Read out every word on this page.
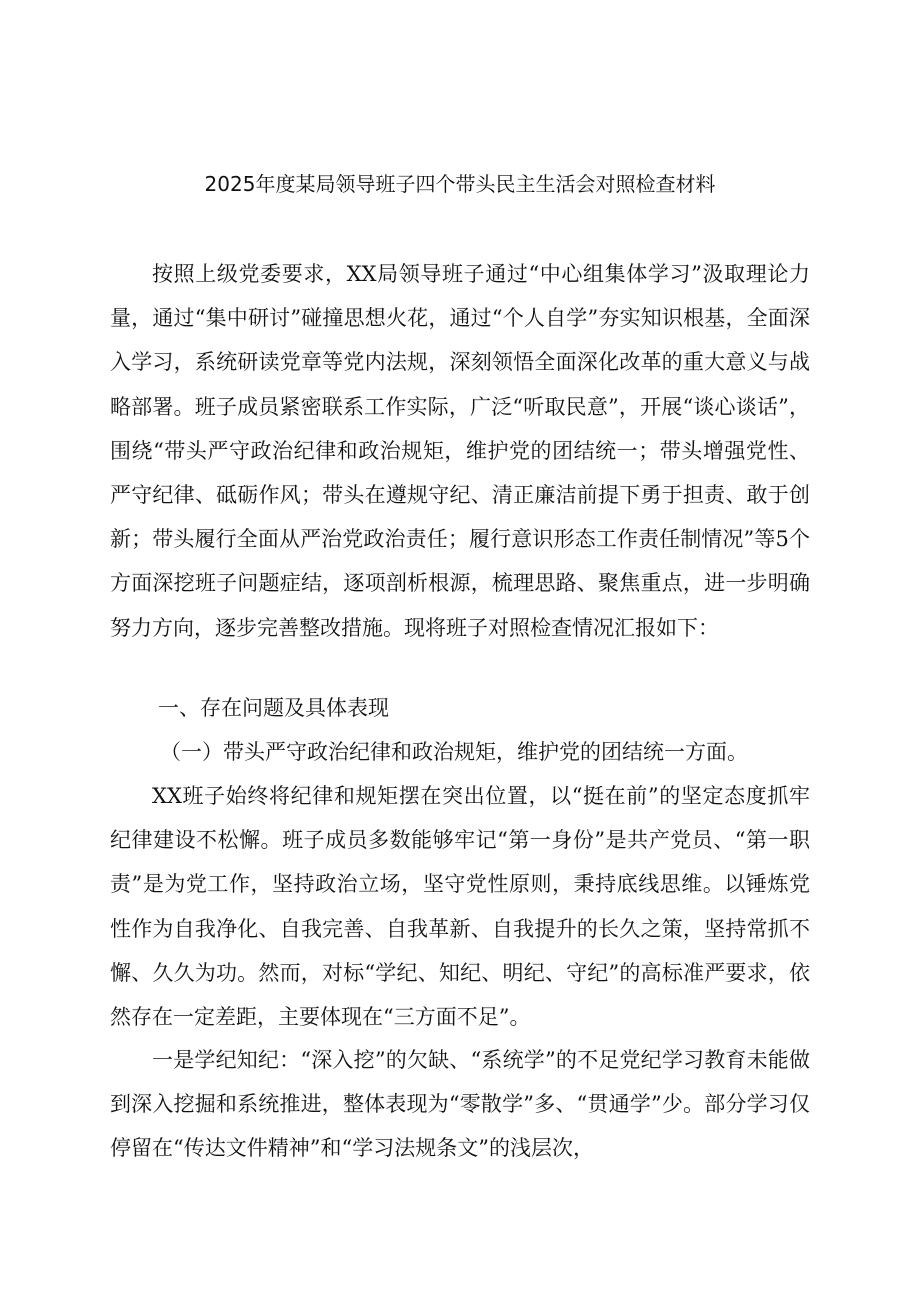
2025年度某局领导班子四个带头民主生活会对照检查材料

按照上级党委要求，XX局领导班子通过“中心组集体学习”汲取理论力量，通过“集中研讨”碰撞思想火花，通过“个人自学”夯实知识根基，全面深入学习，系统研读党章等党内法规，深刻领悟全面深化改革的重大意义与战略部署。班子成员紧密联系工作实际，广泛“听取民意”，开展“谈心谈话”，围绕“带头严守政治纪律和政治规矩，维护党的团结统一；带头增强党性、严守纪律、砥砺作风；带头在遵规守纪、清正廉洁前提下勇于担责、敢于创新；带头履行全面从严治党政治责任；履行意识形态工作责任制情况”等5个方面深挖班子问题症结，逐项剖析根源，梳理思路、聚焦重点，进一步明确努力方向，逐步完善整改措施。现将班子对照检查情况汇报如下：

一、存在问题及具体表现

（一）带头严守政治纪律和政治规矩，维护党的团结统一方面。

XX班子始终将纪律和规矩摆在突出位置，以“挺在前”的坚定态度抓牢纪律建设不松懈。班子成员多数能够牢记“第一身份”是共产党员、“第一职责”是为党工作，坚持政治立场，坚守党性原则，秉持底线思维。以锤炼党性作为自我净化、自我完善、自我革新、自我提升的长久之策，坚持常抓不懈、久久为功。然而，对标“学纪、知纪、明纪、守纪”的高标准严要求，依然存在一定差距，主要体现在“三方面不足”。

一是学纪知纪：“深入挖”的欠缺、“系统学”的不足党纪学习教育未能做到深入挖掘和系统推进，整体表现为“零散学”多、“贯通学”少。部分学习仅停留在“传达文件精神”和“学习法规条文”的浅层次，
